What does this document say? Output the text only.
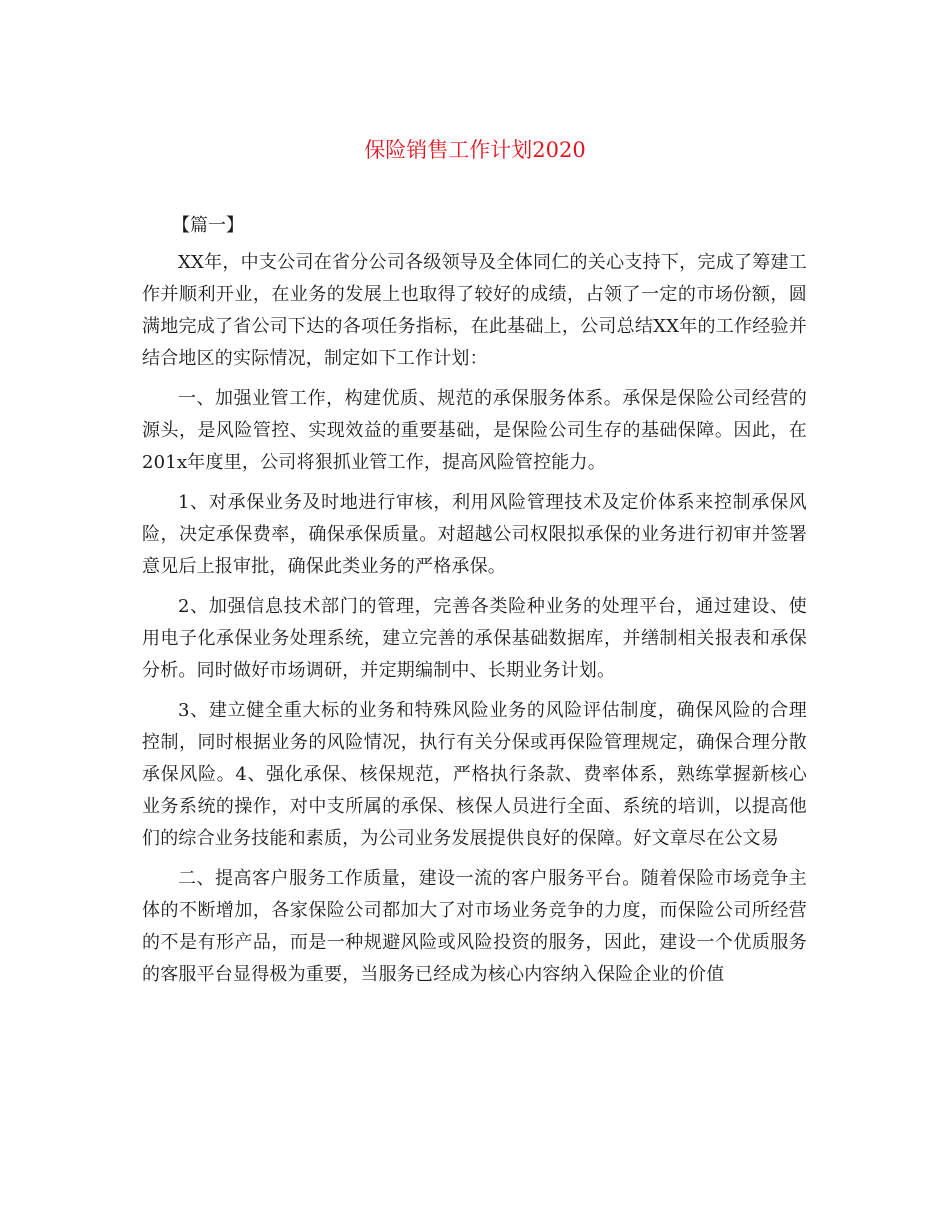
保险销售工作计划2020

【篇一】

XX年，中支公司在省分公司各级领导及全体同仁的关心支持下，完成了筹建工作并顺利开业，在业务的发展上也取得了较好的成绩，占领了一定的市场份额，圆满地完成了省公司下达的各项任务指标，在此基础上，公司总结XX年的工作经验并结合地区的实际情况，制定如下工作计划：

一、加强业管工作，构建优质、规范的承保服务体系。承保是保险公司经营的源头，是风险管控、实现效益的重要基础，是保险公司生存的基础保障。因此，在201x年度里，公司将狠抓业管工作，提高风险管控能力。

1、对承保业务及时地进行审核，利用风险管理技术及定价体系来控制承保风险，决定承保费率，确保承保质量。对超越公司权限拟承保的业务进行初审并签署意见后上报审批，确保此类业务的严格承保。

2、加强信息技术部门的管理，完善各类险种业务的处理平台，通过建设、使用电子化承保业务处理系统，建立完善的承保基础数据库，并缮制相关报表和承保分析。同时做好市场调研，并定期编制中、长期业务计划。

3、建立健全重大标的业务和特殊风险业务的风险评估制度，确保风险的合理控制，同时根据业务的风险情况，执行有关分保或再保险管理规定，确保合理分散承保风险。4、强化承保、核保规范，严格执行条款、费率体系，熟练掌握新核心业务系统的操作，对中支所属的承保、核保人员进行全面、系统的培训，以提高他们的综合业务技能和素质，为公司业务发展提供良好的保障。好文章尽在公文易

二、提高客户服务工作质量，建设一流的客户服务平台。随着保险市场竞争主体的不断增加，各家保险公司都加大了对市场业务竞争的力度，而保险公司所经营的不是有形产品，而是一种规避风险或风险投资的服务，因此，建设一个优质服务的客服平台显得极为重要，当服务已经成为核心内容纳入保险企业的价值
